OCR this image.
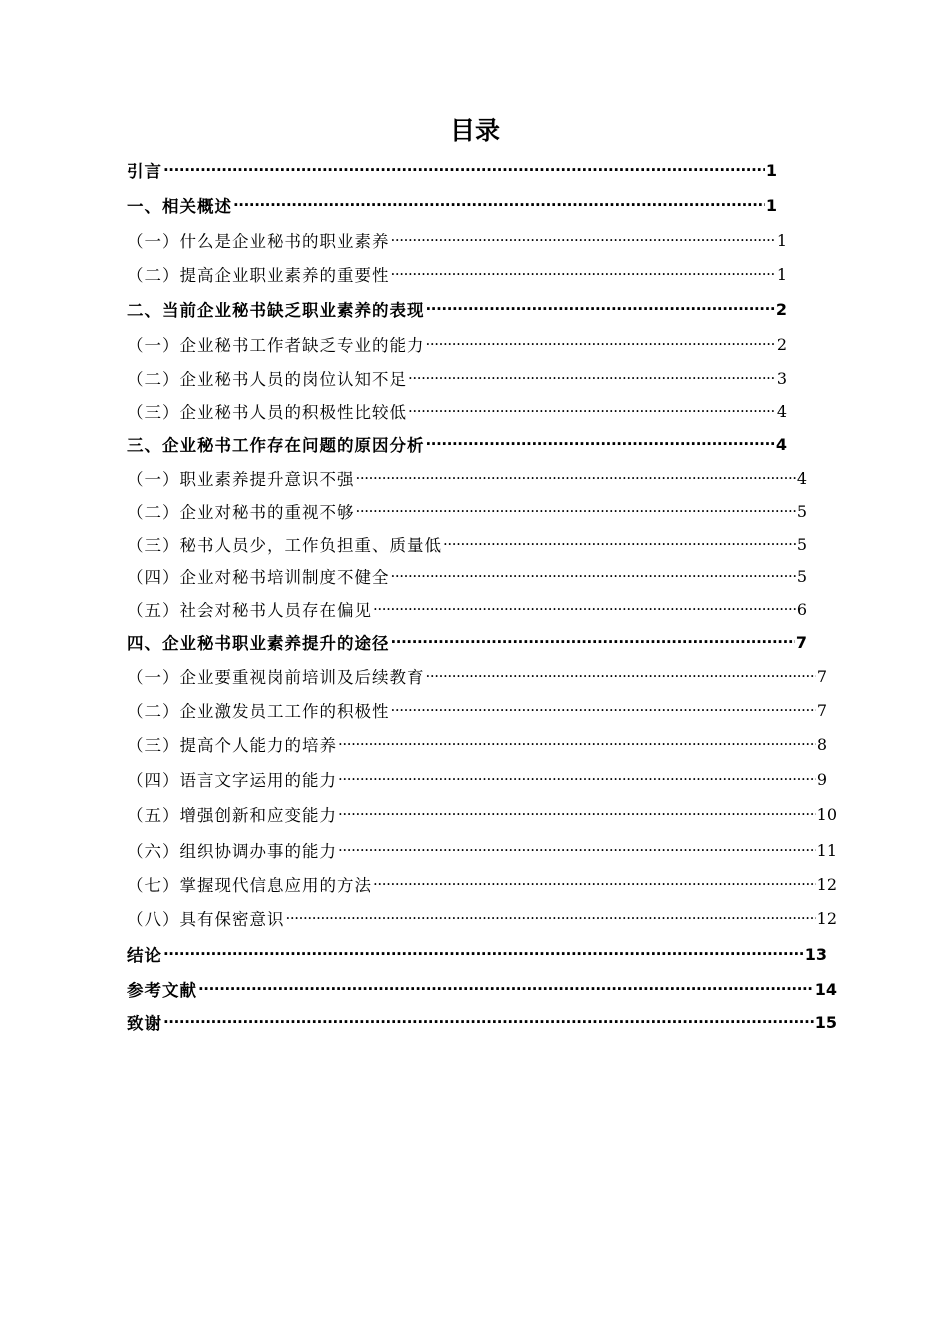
目录
引言 ·····	1
一、相关概述 ·····	1
（一）什么是企业秘书的职业素养 ·····	1
（二）提高企业职业素养的重要性 ·····	1
二、当前企业秘书缺乏职业素养的表现 ·····	2
（一）企业秘书工作者缺乏专业的能力 ·····	2
（二）企业秘书人员的岗位认知不足 ·····	3
（三）企业秘书人员的积极性比较低 ·····	4
三、企业秘书工作存在问题的原因分析 ·····	4
（一）职业素养提升意识不强 ·····	4
（二）企业对秘书的重视不够 ·····	5
（三）秘书人员少，工作负担重、质量低 ·····	5
（四）企业对秘书培训制度不健全 ·····	5
（五）社会对秘书人员存在偏见 ·····	6
四、企业秘书职业素养提升的途径 ·····	7
（一）企业要重视岗前培训及后续教育 ·····	7
（二）企业激发员工工作的积极性 ·····	7
（三）提高个人能力的培养 ·····	8
（四）语言文字运用的能力 ·····	9
（五）增强创新和应变能力 ·····	10
（六）组织协调办事的能力 ·····	11
（七）掌握现代信息应用的方法 ·····	12
（八）具有保密意识 ·····	12
结论 ·····	13
参考文献 ·····	14
致谢 ·····	15
